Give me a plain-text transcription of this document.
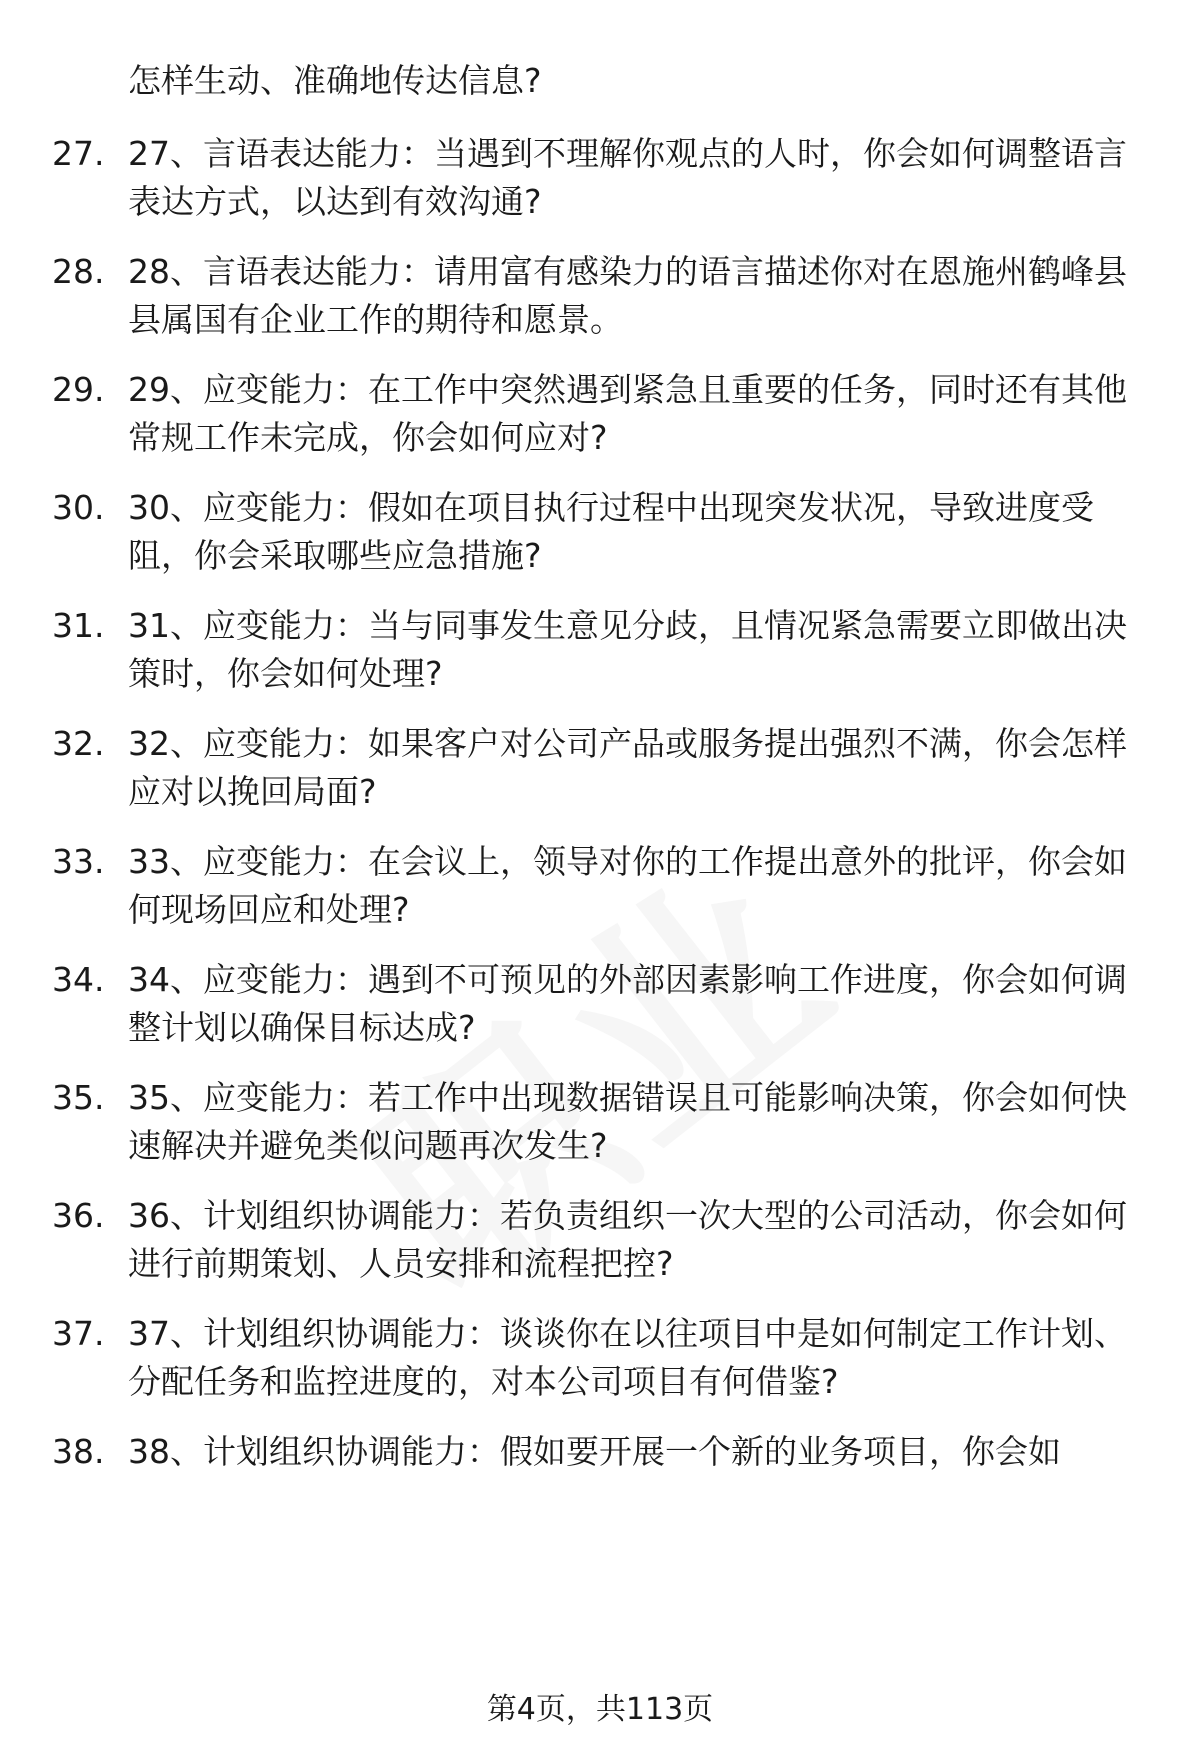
怎样生动、准确地传达信息?
27. 27、言语表达能力：当遇到不理解你观点的人时，你会如何调整语言表达方式，以达到有效沟通?
28. 28、言语表达能力：请用富有感染力的语言描述你对在恩施州鹤峰县县属国有企业工作的期待和愿景。
29. 29、应变能力：在工作中突然遇到紧急且重要的任务，同时还有其他常规工作未完成，你会如何应对?
30. 30、应变能力：假如在项目执行过程中出现突发状况，导致进度受阻，你会采取哪些应急措施?
31. 31、应变能力：当与同事发生意见分歧，且情况紧急需要立即做出决策时，你会如何处理?
32. 32、应变能力：如果客户对公司产品或服务提出强烈不满，你会怎样应对以挽回局面?
33. 33、应变能力：在会议上，领导对你的工作提出意外的批评，你会如何现场回应和处理?
34. 34、应变能力：遇到不可预见的外部因素影响工作进度，你会如何调整计划以确保目标达成?
35. 35、应变能力：若工作中出现数据错误且可能影响决策，你会如何快速解决并避免类似问题再次发生?
36. 36、计划组织协调能力：若负责组织一次大型的公司活动，你会如何进行前期策划、人员安排和流程把控?
37. 37、计划组织协调能力：谈谈你在以往项目中是如何制定工作计划、分配任务和监控进度的，对本公司项目有何借鉴?
38. 38、计划组织协调能力：假如要开展一个新的业务项目，你会如
第4页，共113页
